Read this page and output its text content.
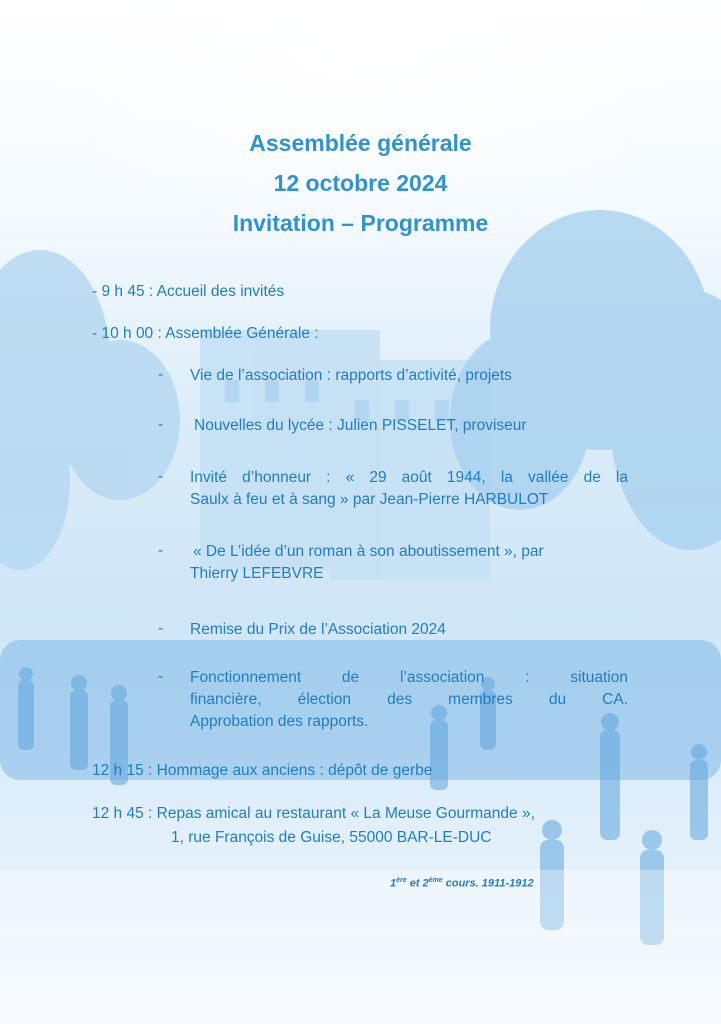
Assemblée générale
12 octobre 2024
Invitation – Programme
- 9 h 45 : Accueil des invités
- 10 h 00 : Assemblée Générale :
-
-
-
-
-
-
Vie de l’association : rapports d’activité, projets
Nouvelles du lycée : Julien PISSELET, proviseur
Invité d’honneur : « 29 août 1944, la vallée de la
Saulx à feu et à sang » par Jean-Pierre HARBULOT
« De L’idée d’un roman à son aboutissement », par
Thierry LEFEBVRE
Remise du Prix de l’Association 2024
Fonctionnement de l’association : situation
financière, élection des membres du CA.
Approbation des rapports.
12 h 15 : Hommage aux anciens : dépôt de gerbe
12 h 45 : Repas amical au restaurant « La Meuse Gourmande »,
1, rue François de Guise, 55000 BAR-LE-DUC
1ère et 2ème cours. 1911-1912
